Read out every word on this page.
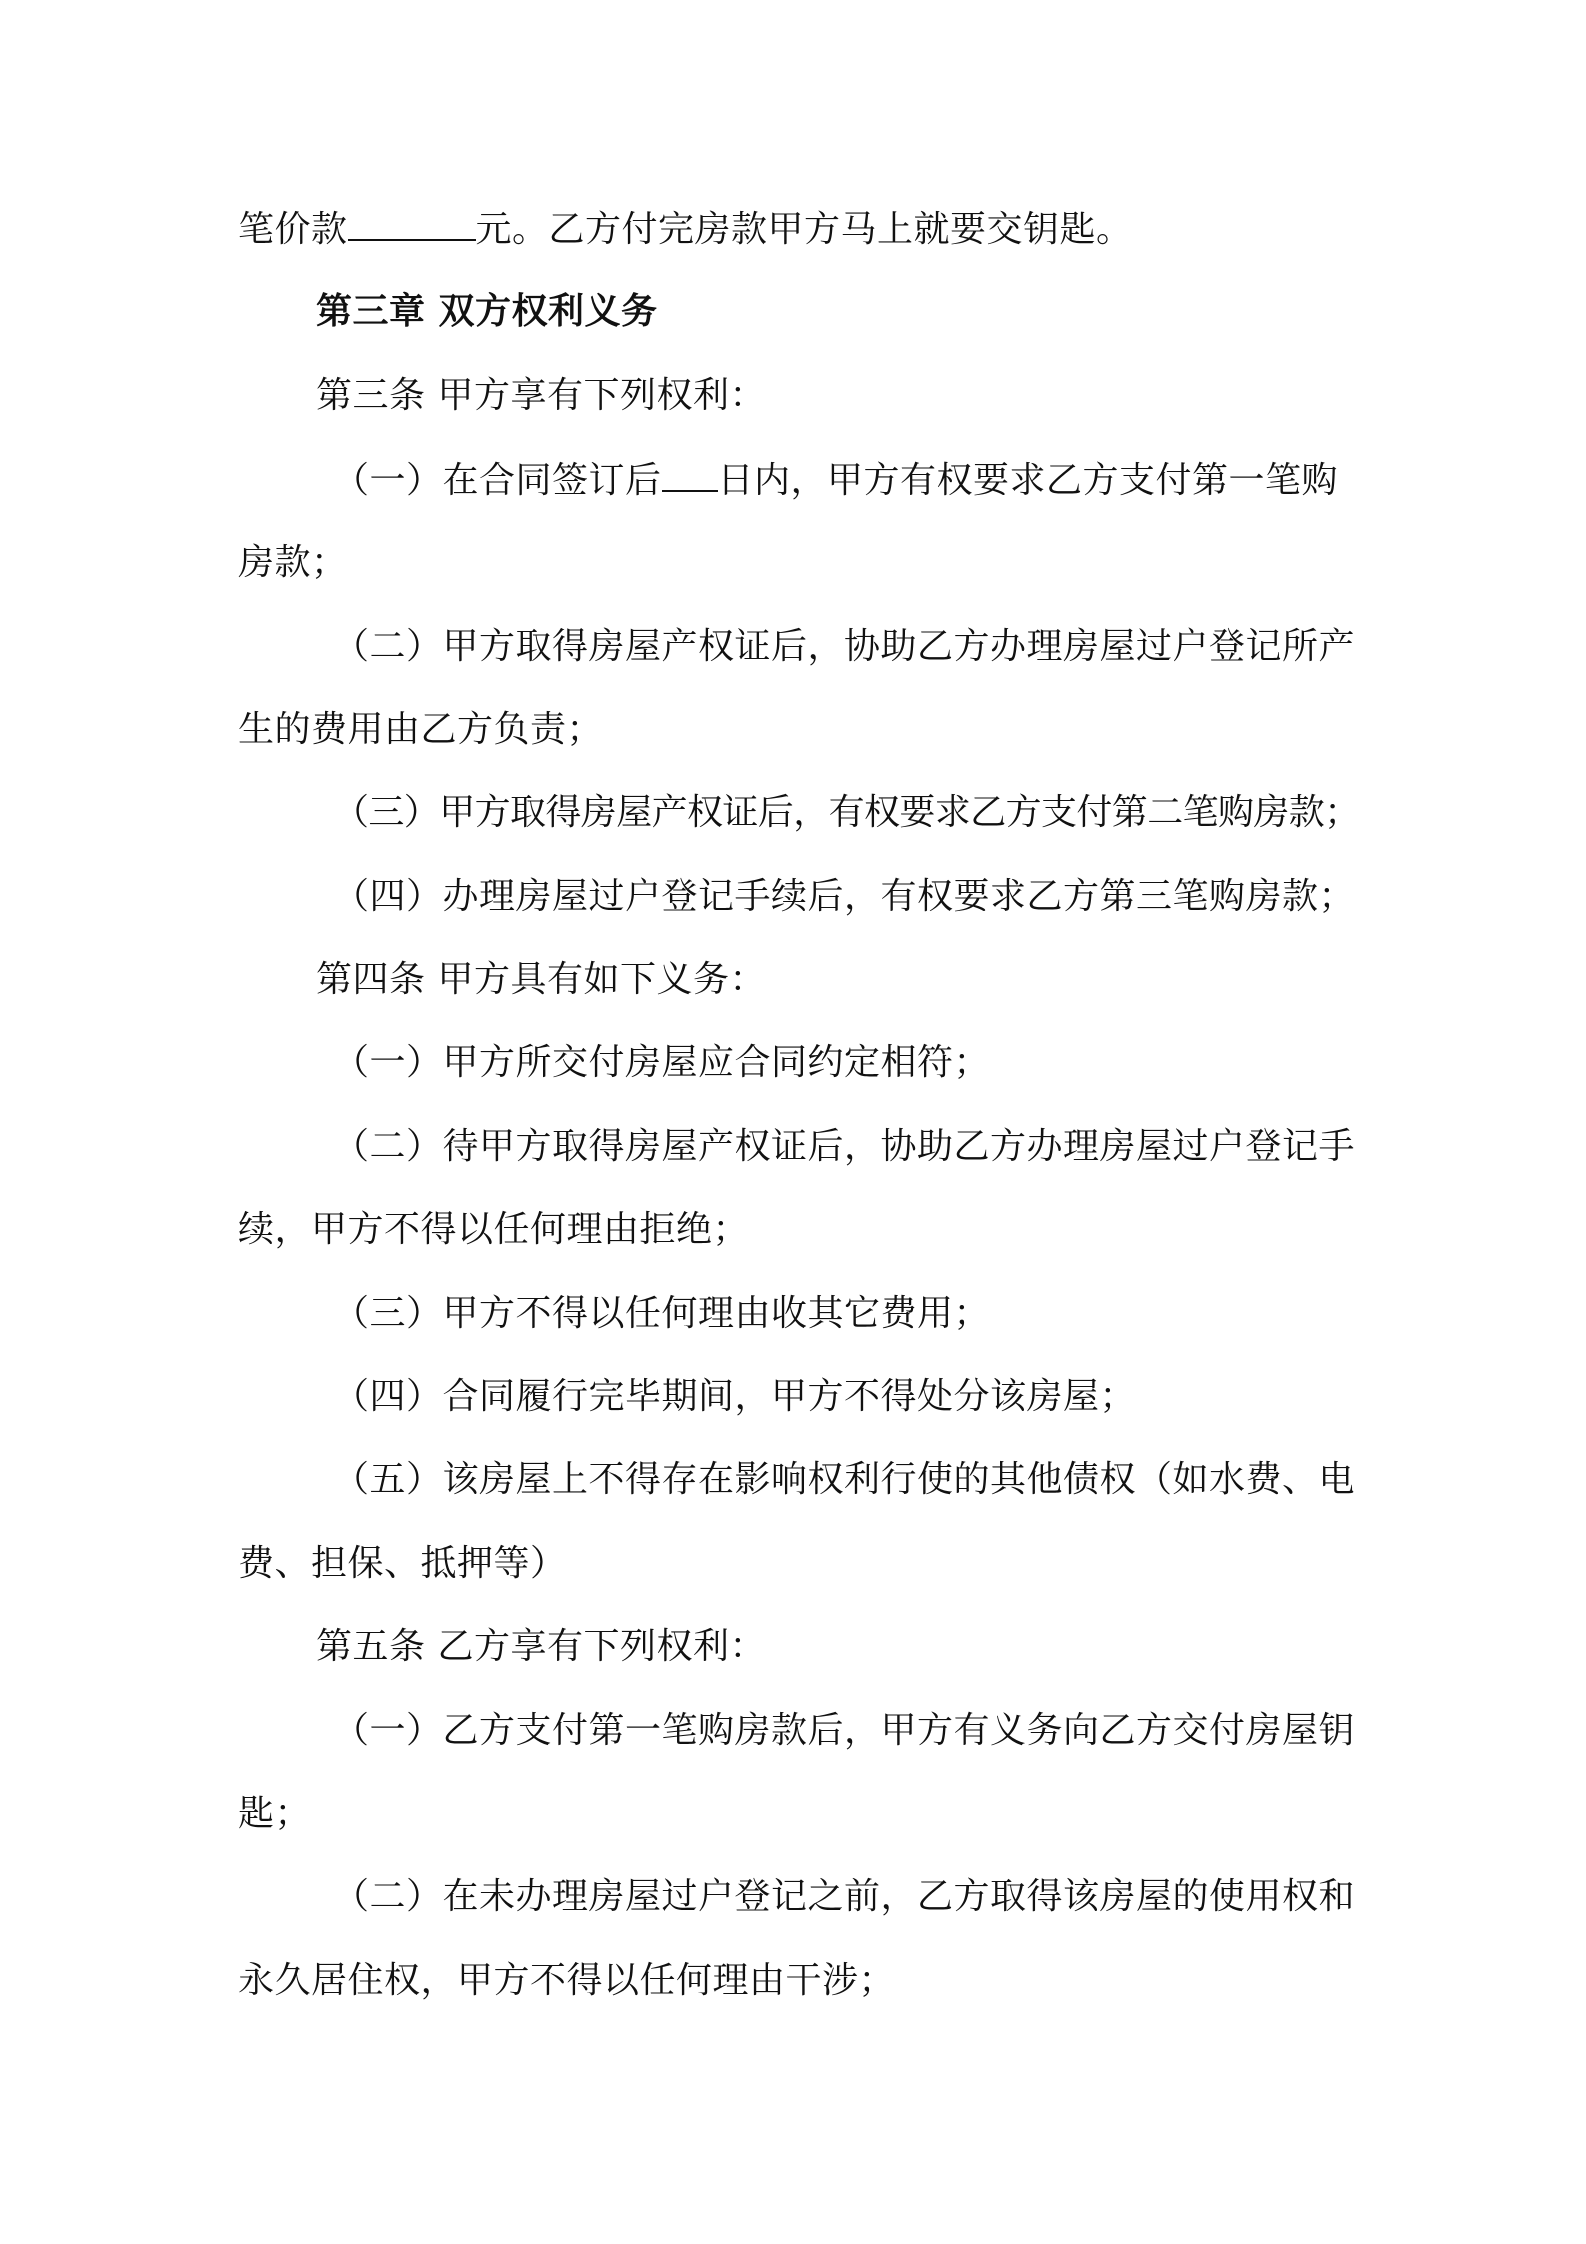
笔价款	元。乙方付完房款甲方马上就要交钥匙。
第三章 双方权利义务
第三条 甲方享有下列权利：
（一）在合同签订后 日内，甲方有权要求乙方支付第一笔购
房款；
（二）甲方取得房屋产权证后，协助乙方办理房屋过户登记所产
生的费用由乙方负责；
（三）甲方取得房屋产权证后，有权要求乙方支付第二笔购房款；
（四）办理房屋过户登记手续后，有权要求乙方第三笔购房款；
第四条 甲方具有如下义务：
（一）甲方所交付房屋应合同约定相符；
（二）待甲方取得房屋产权证后，协助乙方办理房屋过户登记手
续，甲方不得以任何理由拒绝；
（三）甲方不得以任何理由收其它费用；
（四）合同履行完毕期间，甲方不得处分该房屋；
（五）该房屋上不得存在影响权利行使的其他债权（如水费、电
费、担保、抵押等）
第五条 乙方享有下列权利：
（一）乙方支付第一笔购房款后，甲方有义务向乙方交付房屋钥
匙；
（二）在未办理房屋过户登记之前，乙方取得该房屋的使用权和
永久居住权，甲方不得以任何理由干涉；
